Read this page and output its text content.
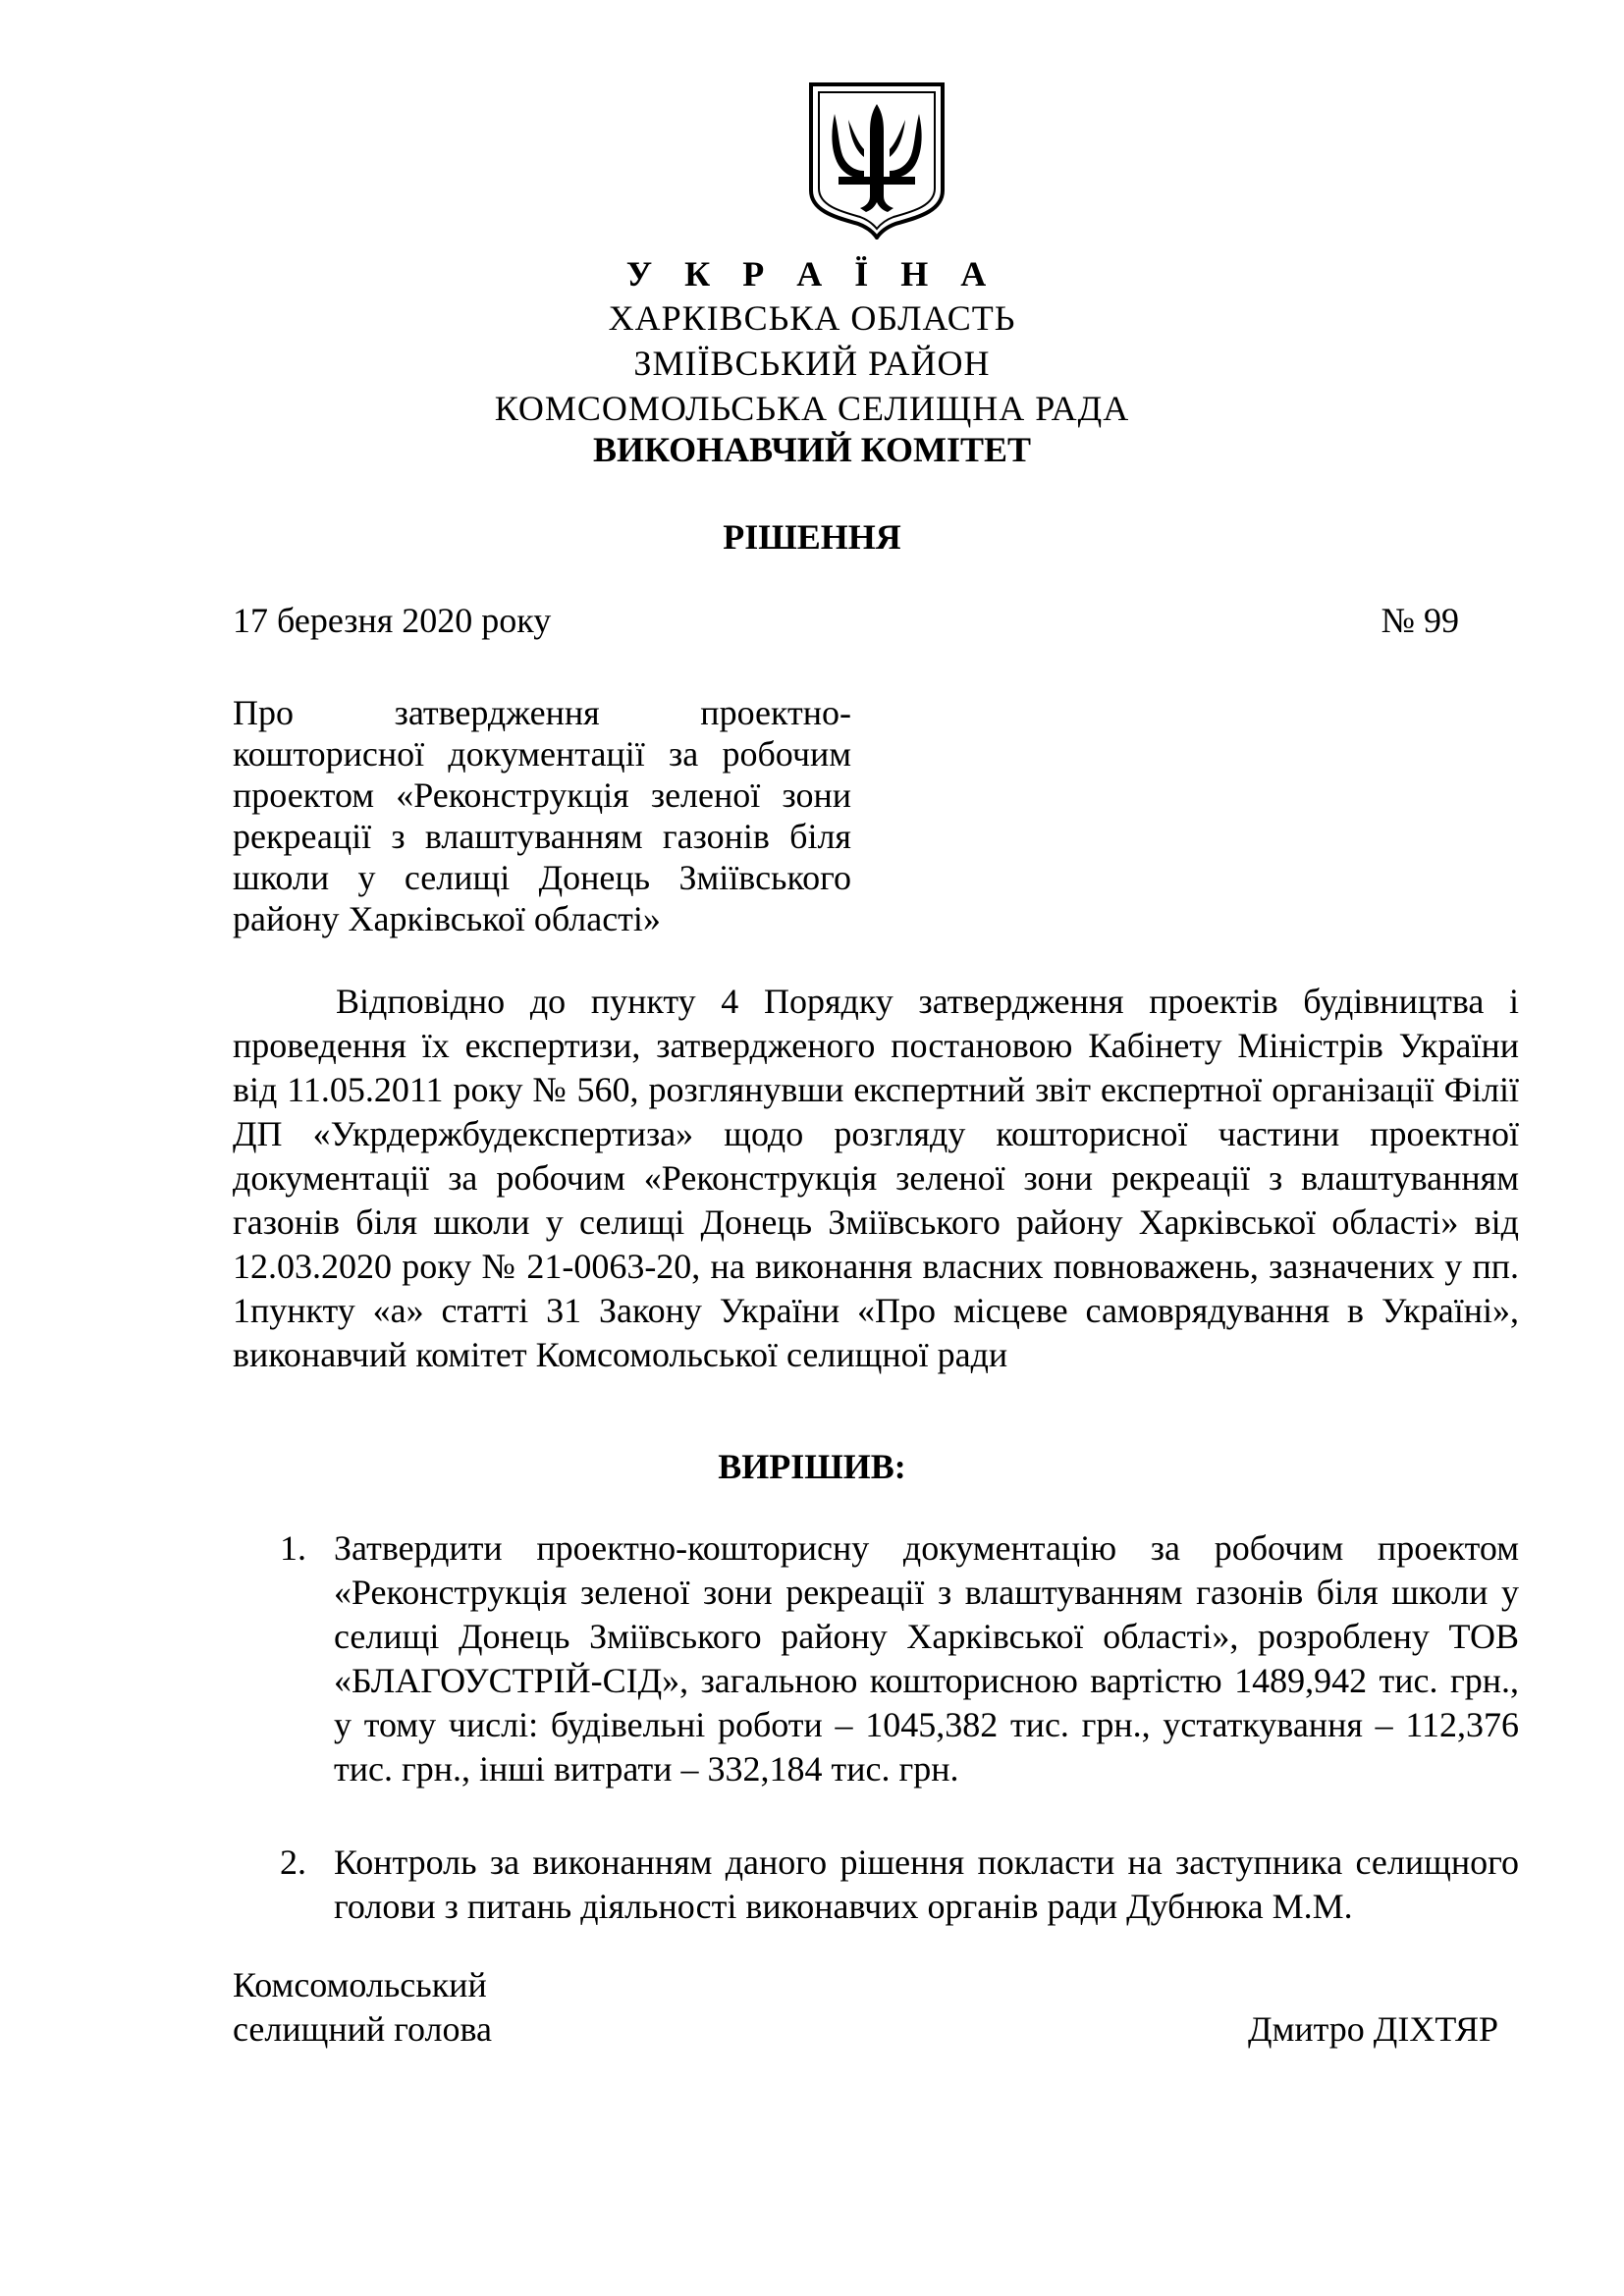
У К Р А Ї Н А
ХАРКІВСЬКА ОБЛАСТЬ
ЗМІЇВСЬКИЙ РАЙОН
КОМСОМОЛЬСЬКА СЕЛИЩНА РАДА
ВИКОНАВЧИЙ КОМІТЕТ
РІШЕННЯ
17 березня 2020 року	№ 99
Про затвердження проектно-кошторисної документації за робочим проектом «Реконструкція зеленої зони рекреації з влаштуванням газонів біля школи у селищі Донець Зміївського району Харківської області»
Відповідно до пункту 4 Порядку затвердження проектів будівництва і проведення їх експертизи, затвердженого постановою Кабінету Міністрів України від 11.05.2011 року № 560, розглянувши експертний звіт експертної організації Філії ДП «Укрдержбудекспертиза» щодо розгляду кошторисної частини проектної документації за робочим «Реконструкція зеленої зони рекреації з влаштуванням газонів біля школи у селищі Донець Зміївського району Харківської області» від 12.03.2020 року № 21-0063-20, на виконання власних повноважень, зазначених у пп. 1пункту «а» статті 31 Закону України «Про місцеве самоврядування в Україні», виконавчий комітет Комсомольської селищної ради
ВИРІШИВ:
1. Затвердити проектно-кошторисну документацію за робочим проектом «Реконструкція зеленої зони рекреації з влаштуванням газонів біля школи у селищі Донець Зміївського району Харківської області», розроблену ТОВ «БЛАГОУСТРІЙ-СІД», загальною кошторисною вартістю 1489,942 тис. грн., у тому числі: будівельні роботи – 1045,382 тис. грн., устаткування – 112,376 тис. грн., інші витрати – 332,184 тис. грн.
2. Контроль за виконанням даного рішення покласти на заступника селищного голови з питань діяльності виконавчих органів ради Дубнюка М.М.
Комсомольський
селищний голова	Дмитро ДІХТЯР
